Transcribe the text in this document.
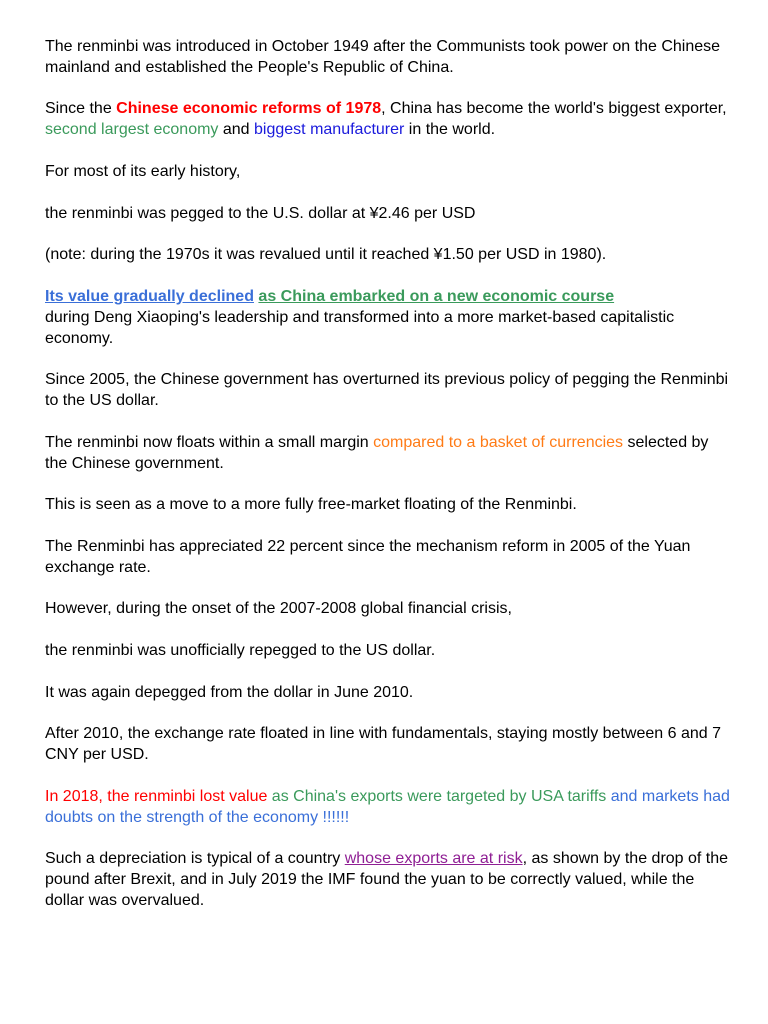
The renminbi was introduced in October 1949 after the Communists took power on the Chinese mainland and established the People's Republic of China.

Since the Chinese economic reforms of 1978, China has become the world's biggest exporter, second largest economy and biggest manufacturer in the world.

For most of its early history,

the renminbi was pegged to the U.S. dollar at ¥2.46 per USD

(note: during the 1970s it was revalued until it reached ¥1.50 per USD in 1980).

Its value gradually declined as China embarked on a new economic course
during Deng Xiaoping's leadership and transformed into a more market-based capitalistic economy.

Since 2005, the Chinese government has overturned its previous policy of pegging the Renminbi to the US dollar.

The renminbi now floats within a small margin compared to a basket of currencies selected by the Chinese government.

This is seen as a move to a more fully free-market floating of the Renminbi.

The Renminbi has appreciated 22 percent since the mechanism reform in 2005 of the Yuan exchange rate.

However, during the onset of the 2007-2008 global financial crisis,

the renminbi was unofficially repegged to the US dollar.

It was again depegged from the dollar in June 2010.

After 2010, the exchange rate floated in line with fundamentals, staying mostly between 6 and 7 CNY per USD.

In 2018, the renminbi lost value as China's exports were targeted by USA tariffs and markets had doubts on the strength of the economy !!!!!!

Such a depreciation is typical of a country whose exports are at risk, as shown by the drop of the pound after Brexit, and in July 2019 the IMF found the yuan to be correctly valued, while the dollar was overvalued.
